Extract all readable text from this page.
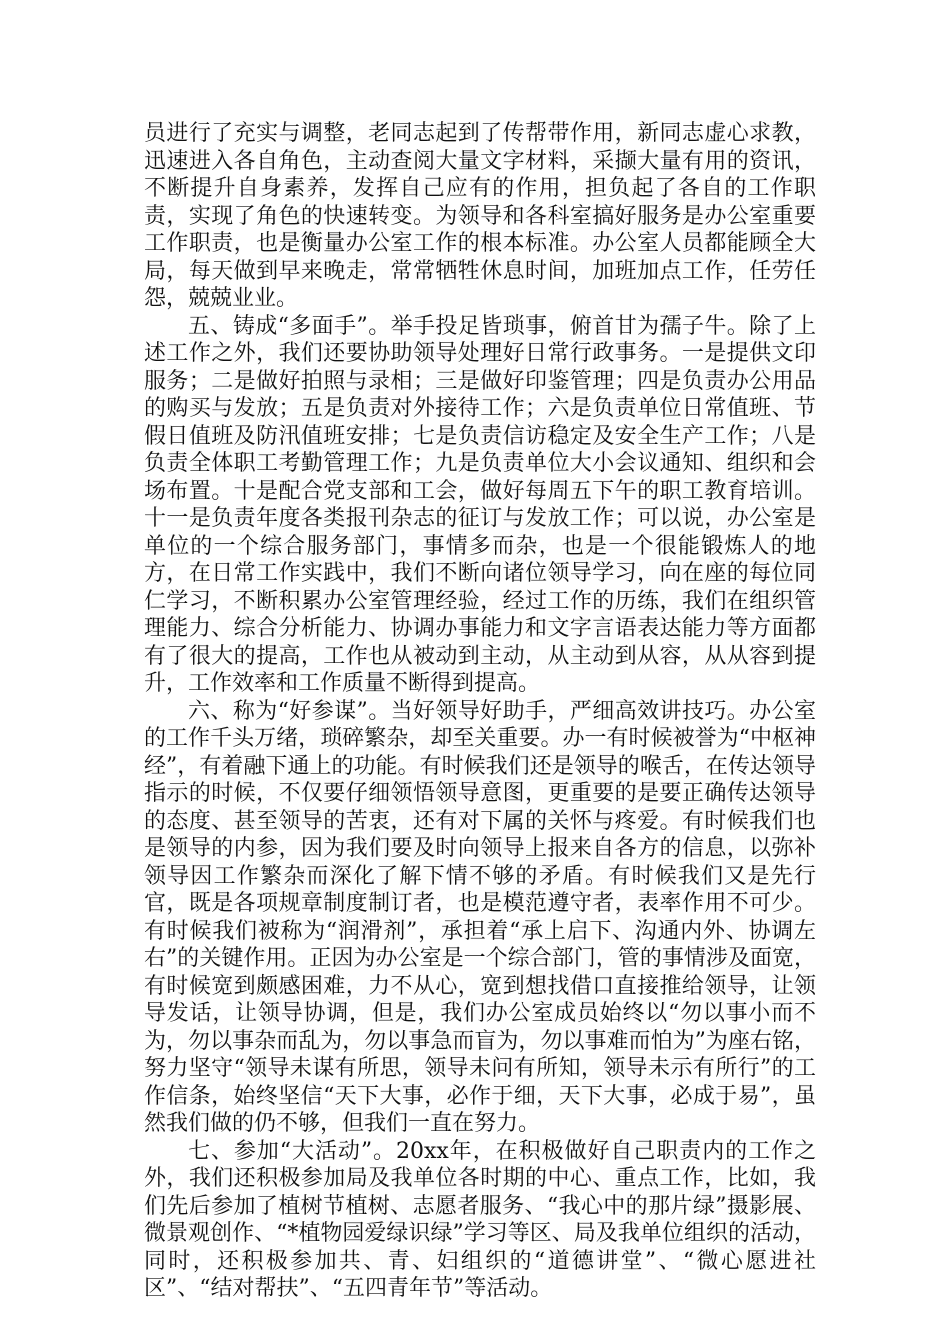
员进行了充实与调整，老同志起到了传帮带作用，新同志虚心求教，迅速进入各自角色，主动查阅大量文字材料，采撷大量有用的资讯，不断提升自身素养，发挥自己应有的作用，担负起了各自的工作职责，实现了角色的快速转变。为领导和各科室搞好服务是办公室重要工作职责，也是衡量办公室工作的根本标准。办公室人员都能顾全大局，每天做到早来晚走，常常牺牲休息时间，加班加点工作，任劳任怨，兢兢业业。

五、铸成“多面手”。举手投足皆琐事，俯首甘为孺子牛。除了上述工作之外，我们还要协助领导处理好日常行政事务。一是提供文印服务；二是做好拍照与录相；三是做好印鉴管理；四是负责办公用品的购买与发放；五是负责对外接待工作；六是负责单位日常值班、节假日值班及防汛值班安排；七是负责信访稳定及安全生产工作；八是负责全体职工考勤管理工作；九是负责单位大小会议通知、组织和会场布置。十是配合党支部和工会，做好每周五下午的职工教育培训。十一是负责年度各类报刊杂志的征订与发放工作；可以说，办公室是单位的一个综合服务部门，事情多而杂，也是一个很能锻炼人的地方，在日常工作实践中，我们不断向诸位领导学习，向在座的每位同仁学习，不断积累办公室管理经验，经过工作的历练，我们在组织管理能力、综合分析能力、协调办事能力和文字言语表达能力等方面都有了很大的提高，工作也从被动到主动，从主动到从容，从从容到提升，工作效率和工作质量不断得到提高。

六、称为“好参谋”。当好领导好助手，严细高效讲技巧。办公室的工作千头万绪，琐碎繁杂，却至关重要。办一有时候被誉为“中枢神经”，有着融下通上的功能。有时候我们还是领导的喉舌，在传达领导指示的时候，不仅要仔细领悟领导意图，更重要的是要正确传达领导的态度、甚至领导的苦衷，还有对下属的关怀与疼爱。有时候我们也是领导的内参，因为我们要及时向领导上报来自各方的信息，以弥补领导因工作繁杂而深化了解下情不够的矛盾。有时候我们又是先行官，既是各项规章制度制订者，也是模范遵守者，表率作用不可少。有时候我们被称为“润滑剂”，承担着“承上启下、沟通内外、协调左右”的关键作用。正因为办公室是一个综合部门，管的事情涉及面宽，有时候宽到颇感困难，力不从心，宽到想找借口直接推给领导，让领导发话，让领导协调，但是，我们办公室成员始终以“勿以事小而不为，勿以事杂而乱为，勿以事急而盲为，勿以事难而怕为”为座右铭，努力坚守“领导未谋有所思，领导未问有所知，领导未示有所行”的工作信条，始终坚信“天下大事，必作于细，天下大事，必成于易”，虽然我们做的仍不够，但我们一直在努力。

七、参加“大活动”。20xx年，在积极做好自己职责内的工作之外，我们还积极参加局及我单位各时期的中心、重点工作，比如，我们先后参加了植树节植树、志愿者服务、“我心中的那片绿”摄影展、微景观创作、“*植物园爱绿识绿”学习等区、局及我单位组织的活动，同时，还积极参加共、青、妇组织的“道德讲堂”、“微心愿进社区”、“结对帮扶”、“五四青年节”等活动。
